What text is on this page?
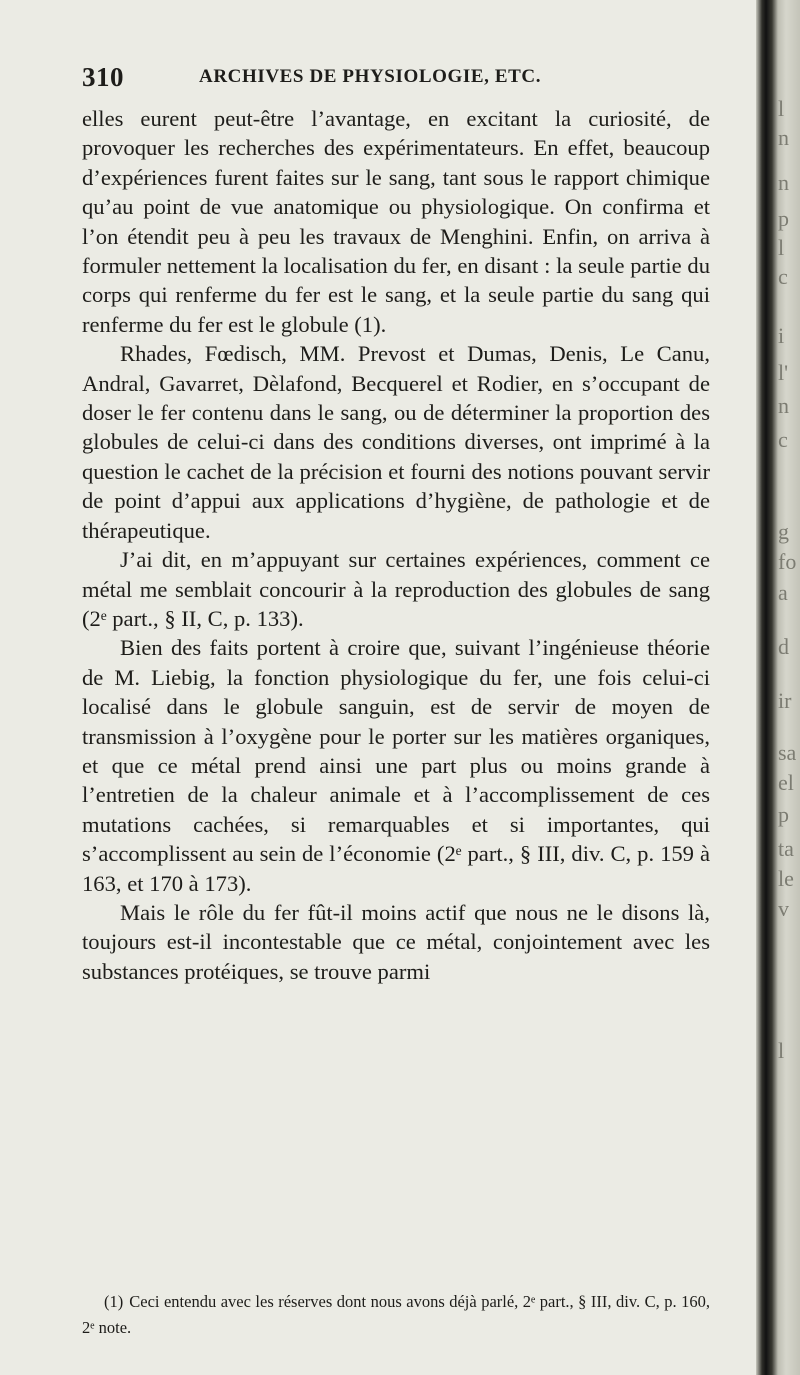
310	ARCHIVES DE PHYSIOLOGIE, ETC.

elles eurent peut-être l’avantage, en excitant la curiosité, de provoquer les recherches des expérimentateurs. En effet, beaucoup d’expériences furent faites sur le sang, tant sous le rapport chimique qu’au point de vue anatomique ou physiologique. On confirma et l’on étendit peu à peu les travaux de Menghini. Enfin, on arriva à formuler nettement la localisation du fer, en disant : la seule partie du corps qui renferme du fer est le sang, et la seule partie du sang qui renferme du fer est le globule (1).

Rhades, Fœdisch, MM. Prevost et Dumas, Denis, Le Canu, Andral, Gavarret, Dèlafond, Becquerel et Rodier, en s’occupant de doser le fer contenu dans le sang, ou de déterminer la proportion des globules de celui-ci dans des conditions diverses, ont imprimé à la question le cachet de la précision et fourni des notions pouvant servir de point d’appui aux applications d’hygiène, de pathologie et de thérapeutique.

J’ai dit, en m’appuyant sur certaines expériences, comment ce métal me semblait concourir à la reproduction des globules de sang (2ᵉ part., § II, C, p. 133).

Bien des faits portent à croire que, suivant l’ingénieuse théorie de M. Liebig, la fonction physiologique du fer, une fois celui-ci localisé dans le globule sanguin, est de servir de moyen de transmission à l’oxygène pour le porter sur les matières organiques, et que ce métal prend ainsi une part plus ou moins grande à l’entretien de la chaleur animale et à l’accomplissement de ces mutations cachées, si remarquables et si importantes, qui s’accomplissent au sein de l’économie (2ᵉ part., § III, div. C, p. 159 à 163, et 170 à 173).

Mais le rôle du fer fût-il moins actif que nous ne le disons là, toujours est-il incontestable que ce métal, conjointement avec les substances protéiques, se trouve parmi

(1) Ceci entendu avec les réserves dont nous avons déjà parlé, 2ᵉ part., § III, div. C, p. 160, 2ᵉ note.
l
n
n
p
l
c
i
l'
n
c
g
fo
a
d
ir
sa
el
p
ta
le
v
l
